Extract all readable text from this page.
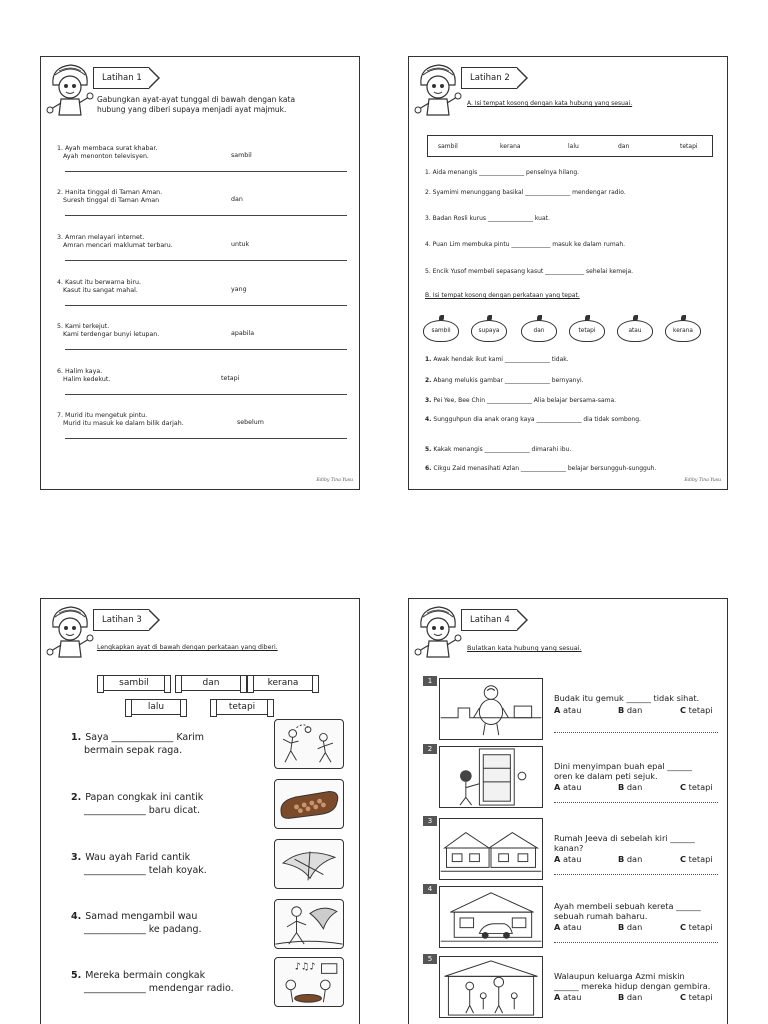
Latihan 1
Gabungkan ayat-ayat tunggal di bawah dengan kata
hubung yang diberi supaya menjadi ayat majmuk.
1. Ayah membaca surat khabar.
Ayah menonton televisyen.	sambil
2. Hanita tinggal di Taman Aman.
Suresh tinggal di Taman Aman	dan
3. Amran melayari internet.
Amran mencari maklumat terbaru.	untuk
4. Kasut itu berwarna biru.
Kasut itu sangat mahal.	yang
5. Kami terkejut.
Kami terdengar bunyi letupan.	apabila
6. Halim kaya.
Halim kedekut.	tetapi
7. Murid itu mengetuk pintu.
Murid itu masuk ke dalam bilik darjah.	sebelum
Ediby Tina Yusu
Latihan 2
A. Isi tempat kosong dengan kata hubung yang sesuai.
sambil	kerana	lalu	dan	tetapi
1. Aida menangis _______________ penselnya hilang.
2. Syamimi menunggang basikal _______________ mendengar radio.
3. Badan Rosli kurus _______________ kuat.
4. Puan Lim membuka pintu _____________ masuk ke dalam rumah.
5. Encik Yusof membeli sepasang kasut _____________ sehelai kemeja.
B. Isi tempat kosong dengan perkataan yang tepat.
sambil	supaya	dan	tetapi	atau	kerana
1. Awak hendak ikut kami _______________ tidak.
2. Abang melukis gambar _______________ bernyanyi.
3. Pei Yee, Bee Chin _______________ Alia belajar bersama-sama.
4. Sungguhpun dia anak orang kaya _______________ dia tidak sombong.
5. Kakak menangis _______________ dimarahi ibu.
6. Cikgu Zaid menasihati Azlan _______________ belajar bersungguh-sungguh.
Ediby Tina Yusu
Latihan 3
Lengkapkan ayat di bawah dengan perkataan yang diberi.
sambil	dan	kerana
lalu	tetapi
1. Saya _____________ Karim
bermain sepak raga.
2. Papan congkak ini cantik
_____________ baru dicat.
3. Wau ayah Farid cantik
_____________ telah koyak.
4. Samad mengambil wau
_____________ ke padang.
5. Mereka bermain congkak
_____________ mendengar radio.
♪♫♪
Latihan 4
Bulatkan kata hubung yang sesuai.
1
Budak itu gemuk ______ tidak sihat.
A atau	B dan	C tetapi
2
Dini menyimpan buah epal ______
oren ke dalam peti sejuk.
A atau	B dan	C tetapi
3
Rumah Jeeva di sebelah kiri ______
kanan?
A atau	B dan	C tetapi
4
Ayah membeli sebuah kereta ______
sebuah rumah baharu.
A atau	B dan	C tetapi
5
Walaupun keluarga Azmi miskin
______ mereka hidup dengan gembira.
A atau	B dan	C tetapi
